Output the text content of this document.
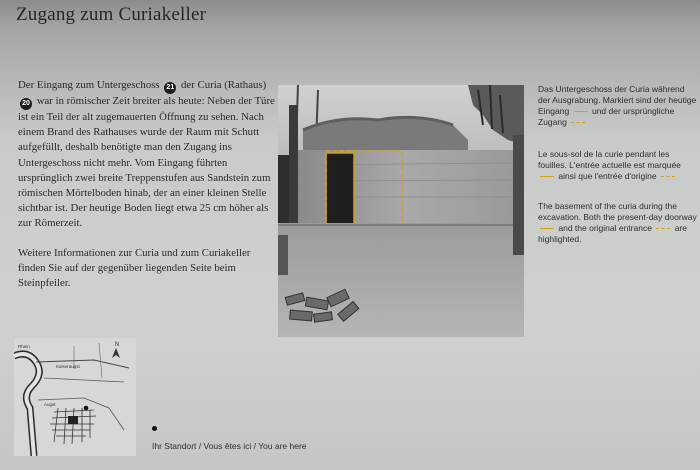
Zugang zum Curiakeller

Der Eingang zum Untergeschoss 21 der Curia (Rathaus) 20 war in römischer Zeit breiter als heute: Neben der Türe ist ein Teil der alt zugemauerten Öffnung zu sehen. Nach einem Brand des Rathauses wurde der Raum mit Schutt aufgefüllt, deshalb benötigte man den Zugang ins Untergeschoss nicht mehr. Vom Eingang führten ursprünglich zwei breite Treppenstufen aus Sandstein zum römischen Mörtelboden hinab, der an einer kleinen Stelle sichtbar ist. Der heutige Boden liegt etwa 25 cm höher als zur Römerzeit.

Weitere Informationen zur Curia und zum Curiakeller finden Sie auf der gegenüber liegenden Seite beim Steinpfeiler.

Das Untergeschoss der Curia während der Ausgrabung. Markiert sind der heutige Eingang	und der ursprüngliche Zugang
Le sous-sol de la curie pendant les fouilles. L'entrée actuelle est marquée  ainsi que l'entrée d'origine
The basement of the curia during the excavation. Both the present-day doorway  and the original entrance	are highlighted.
N
Rhein
Kaiseraugst
Augst
Ihr Standort / Vous êtes ici / You are here
